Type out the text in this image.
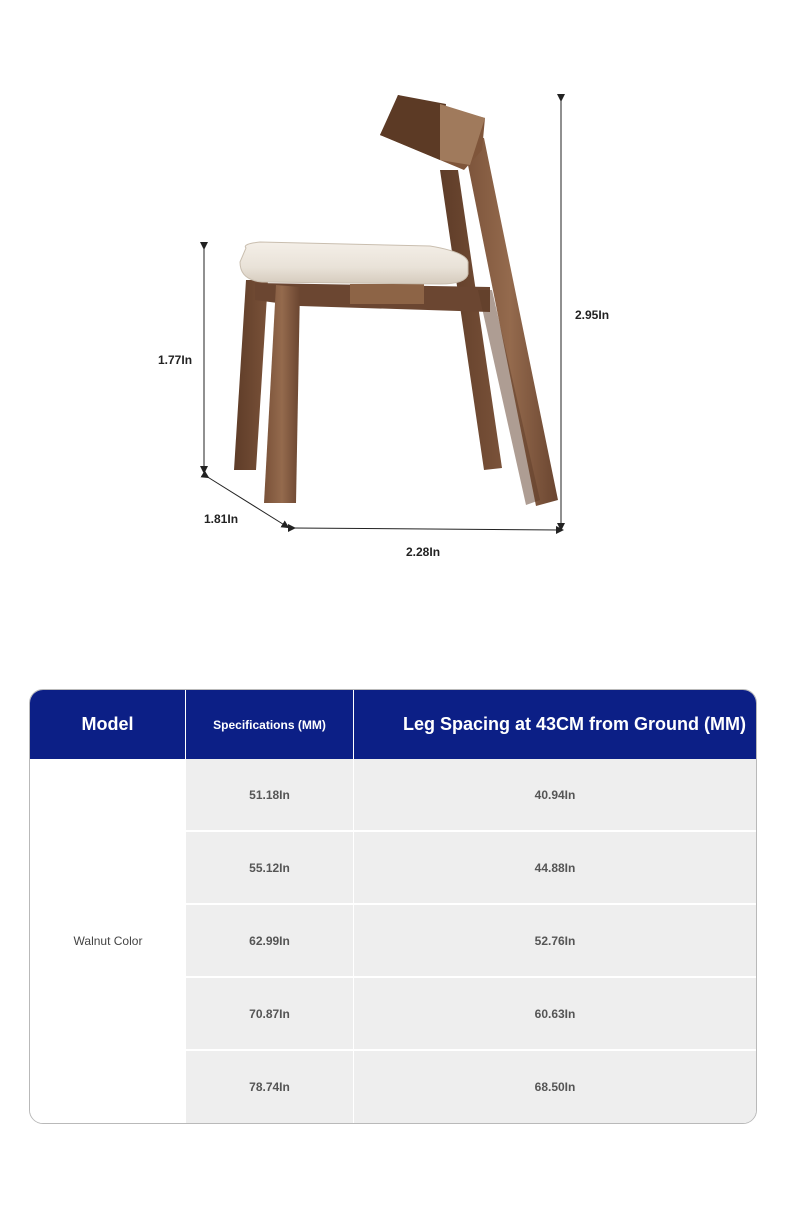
1.77In
2.95In
1.81In
2.28In
Model	Specifications (MM)	Leg Spacing at 43CM from Ground (MM)
Walnut Color
51.18In	40.94In
55.12In	44.88In
62.99In	52.76In
70.87In	60.63In
78.74In	68.50In
